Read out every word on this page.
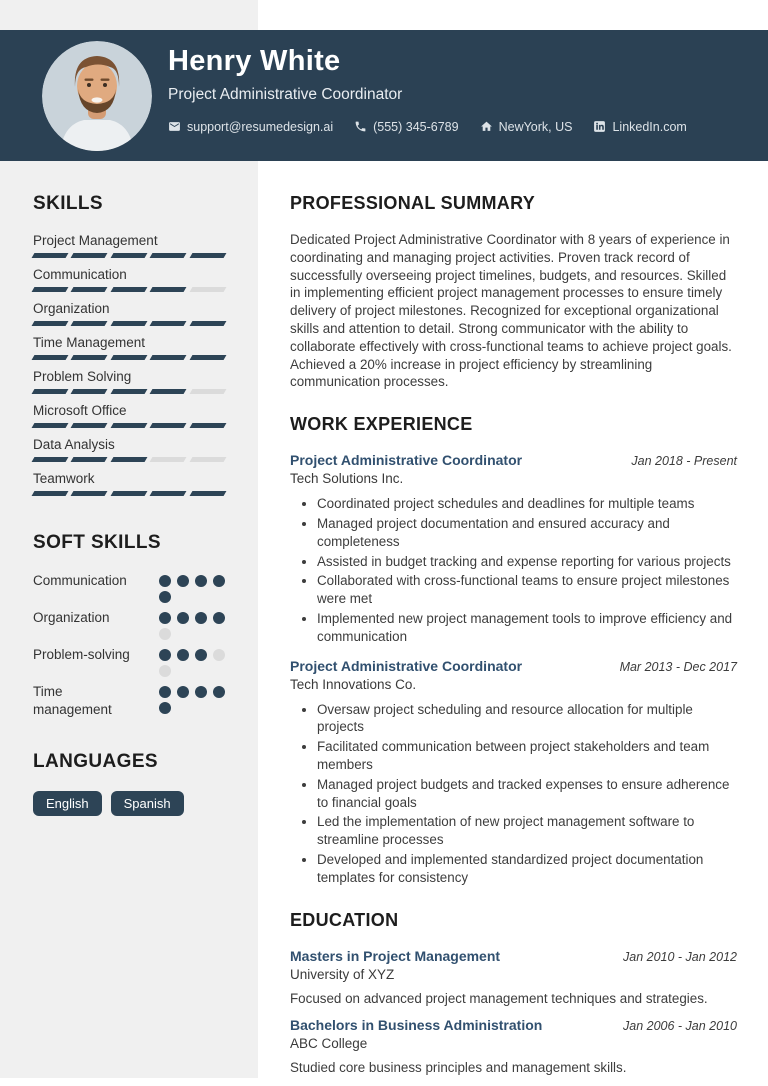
Henry White
Project Administrative Coordinator
support@resumedesign.ai	(555) 345-6789	NewYork, US	LinkedIn.com
SKILLS
Project Management
Communication
Organization
Time Management
Problem Solving
Microsoft Office
Data Analysis
Teamwork
SOFT SKILLS
Communication
Organization
Problem-solving
Time management
LANGUAGES
English	Spanish
PROFESSIONAL SUMMARY

Dedicated Project Administrative Coordinator with 8 years of experience in coordinating and managing project activities. Proven track record of successfully overseeing project timelines, budgets, and resources. Skilled in implementing efficient project management processes to ensure timely delivery of project milestones. Recognized for exceptional organizational skills and attention to detail. Strong communicator with the ability to collaborate effectively with cross-functional teams to achieve project goals. Achieved a 20% increase in project efficiency by streamlining communication processes.

WORK EXPERIENCE
Project Administrative Coordinator	Jan 2018 - Present
Tech Solutions Inc.
• Coordinated project schedules and deadlines for multiple teams
• Managed project documentation and ensured accuracy and completeness
• Assisted in budget tracking and expense reporting for various projects
• Collaborated with cross-functional teams to ensure project milestones were met
• Implemented new project management tools to improve efficiency and communication
Project Administrative Coordinator	Mar 2013 - Dec 2017
Tech Innovations Co.
• Oversaw project scheduling and resource allocation for multiple projects
• Facilitated communication between project stakeholders and team members
• Managed project budgets and tracked expenses to ensure adherence to financial goals
• Led the implementation of new project management software to streamline processes
• Developed and implemented standardized project documentation templates for consistency
EDUCATION
Masters in Project Management	Jan 2010 - Jan 2012
University of XYZ

Focused on advanced project management techniques and strategies.

Bachelors in Business Administration	Jan 2006 - Jan 2010
ABC College

Studied core business principles and management skills.
